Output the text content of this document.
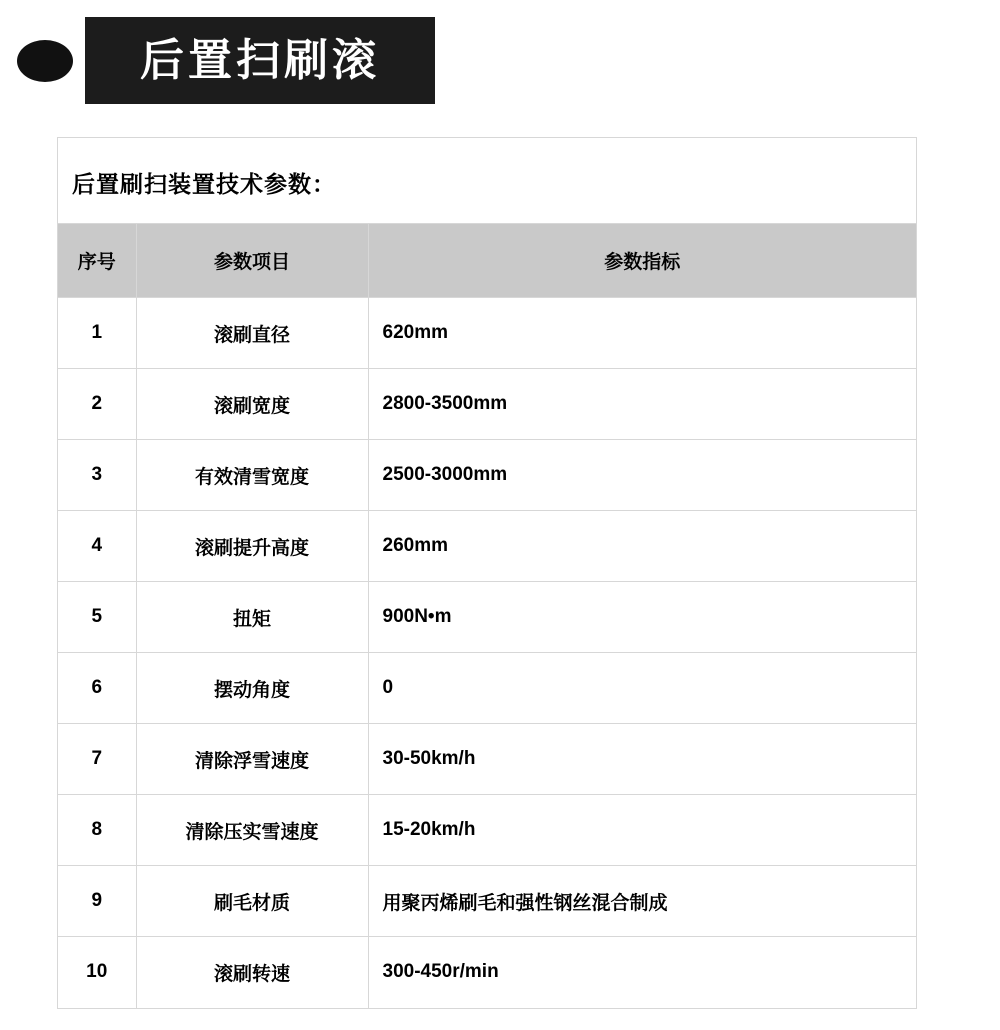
后置扫刷滚
后置刷扫装置技术参数：
序号	参数项目	参数指标
1	滚刷直径	620mm
2	滚刷宽度	2800-3500mm
3	有效清雪宽度	2500-3000mm
4	滚刷提升高度	260mm
5	扭矩	900N•m
6	摆动角度	0
7	清除浮雪速度	30-50km/h
8	清除压实雪速度	15-20km/h
9	刷毛材质	用聚丙烯刷毛和强性钢丝混合制成
10	滚刷转速	300-450r/min
